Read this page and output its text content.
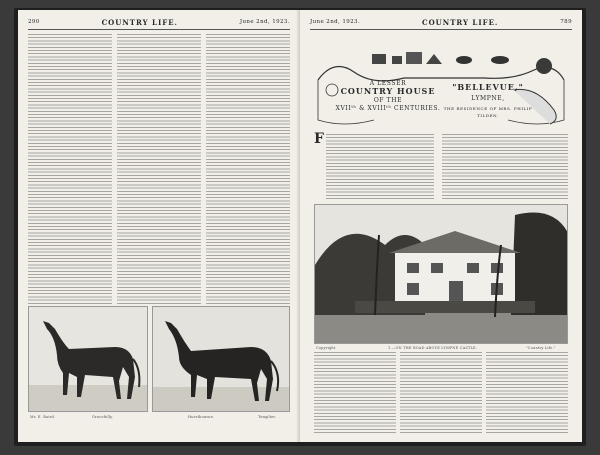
290	COUNTRY LIFE.	June 2nd, 1923.
Mr. E. Baird.	Gracefully.	Hurstbourne.	Templier.
June 2nd, 1923.	COUNTRY LIFE.	789
A LESSER
COUNTRY HOUSE
OF THE
XVIIᵗʰ & XVIIIᵗʰ CENTURIES.
"BELLEVUE,"
LYMPNE,
THE RESIDENCE OF MRS. PHILIP TILDEN.
F
Copyright.	1.—ON THE ROAD ABOVE LYMPNE CASTLE.	"Country Life."
